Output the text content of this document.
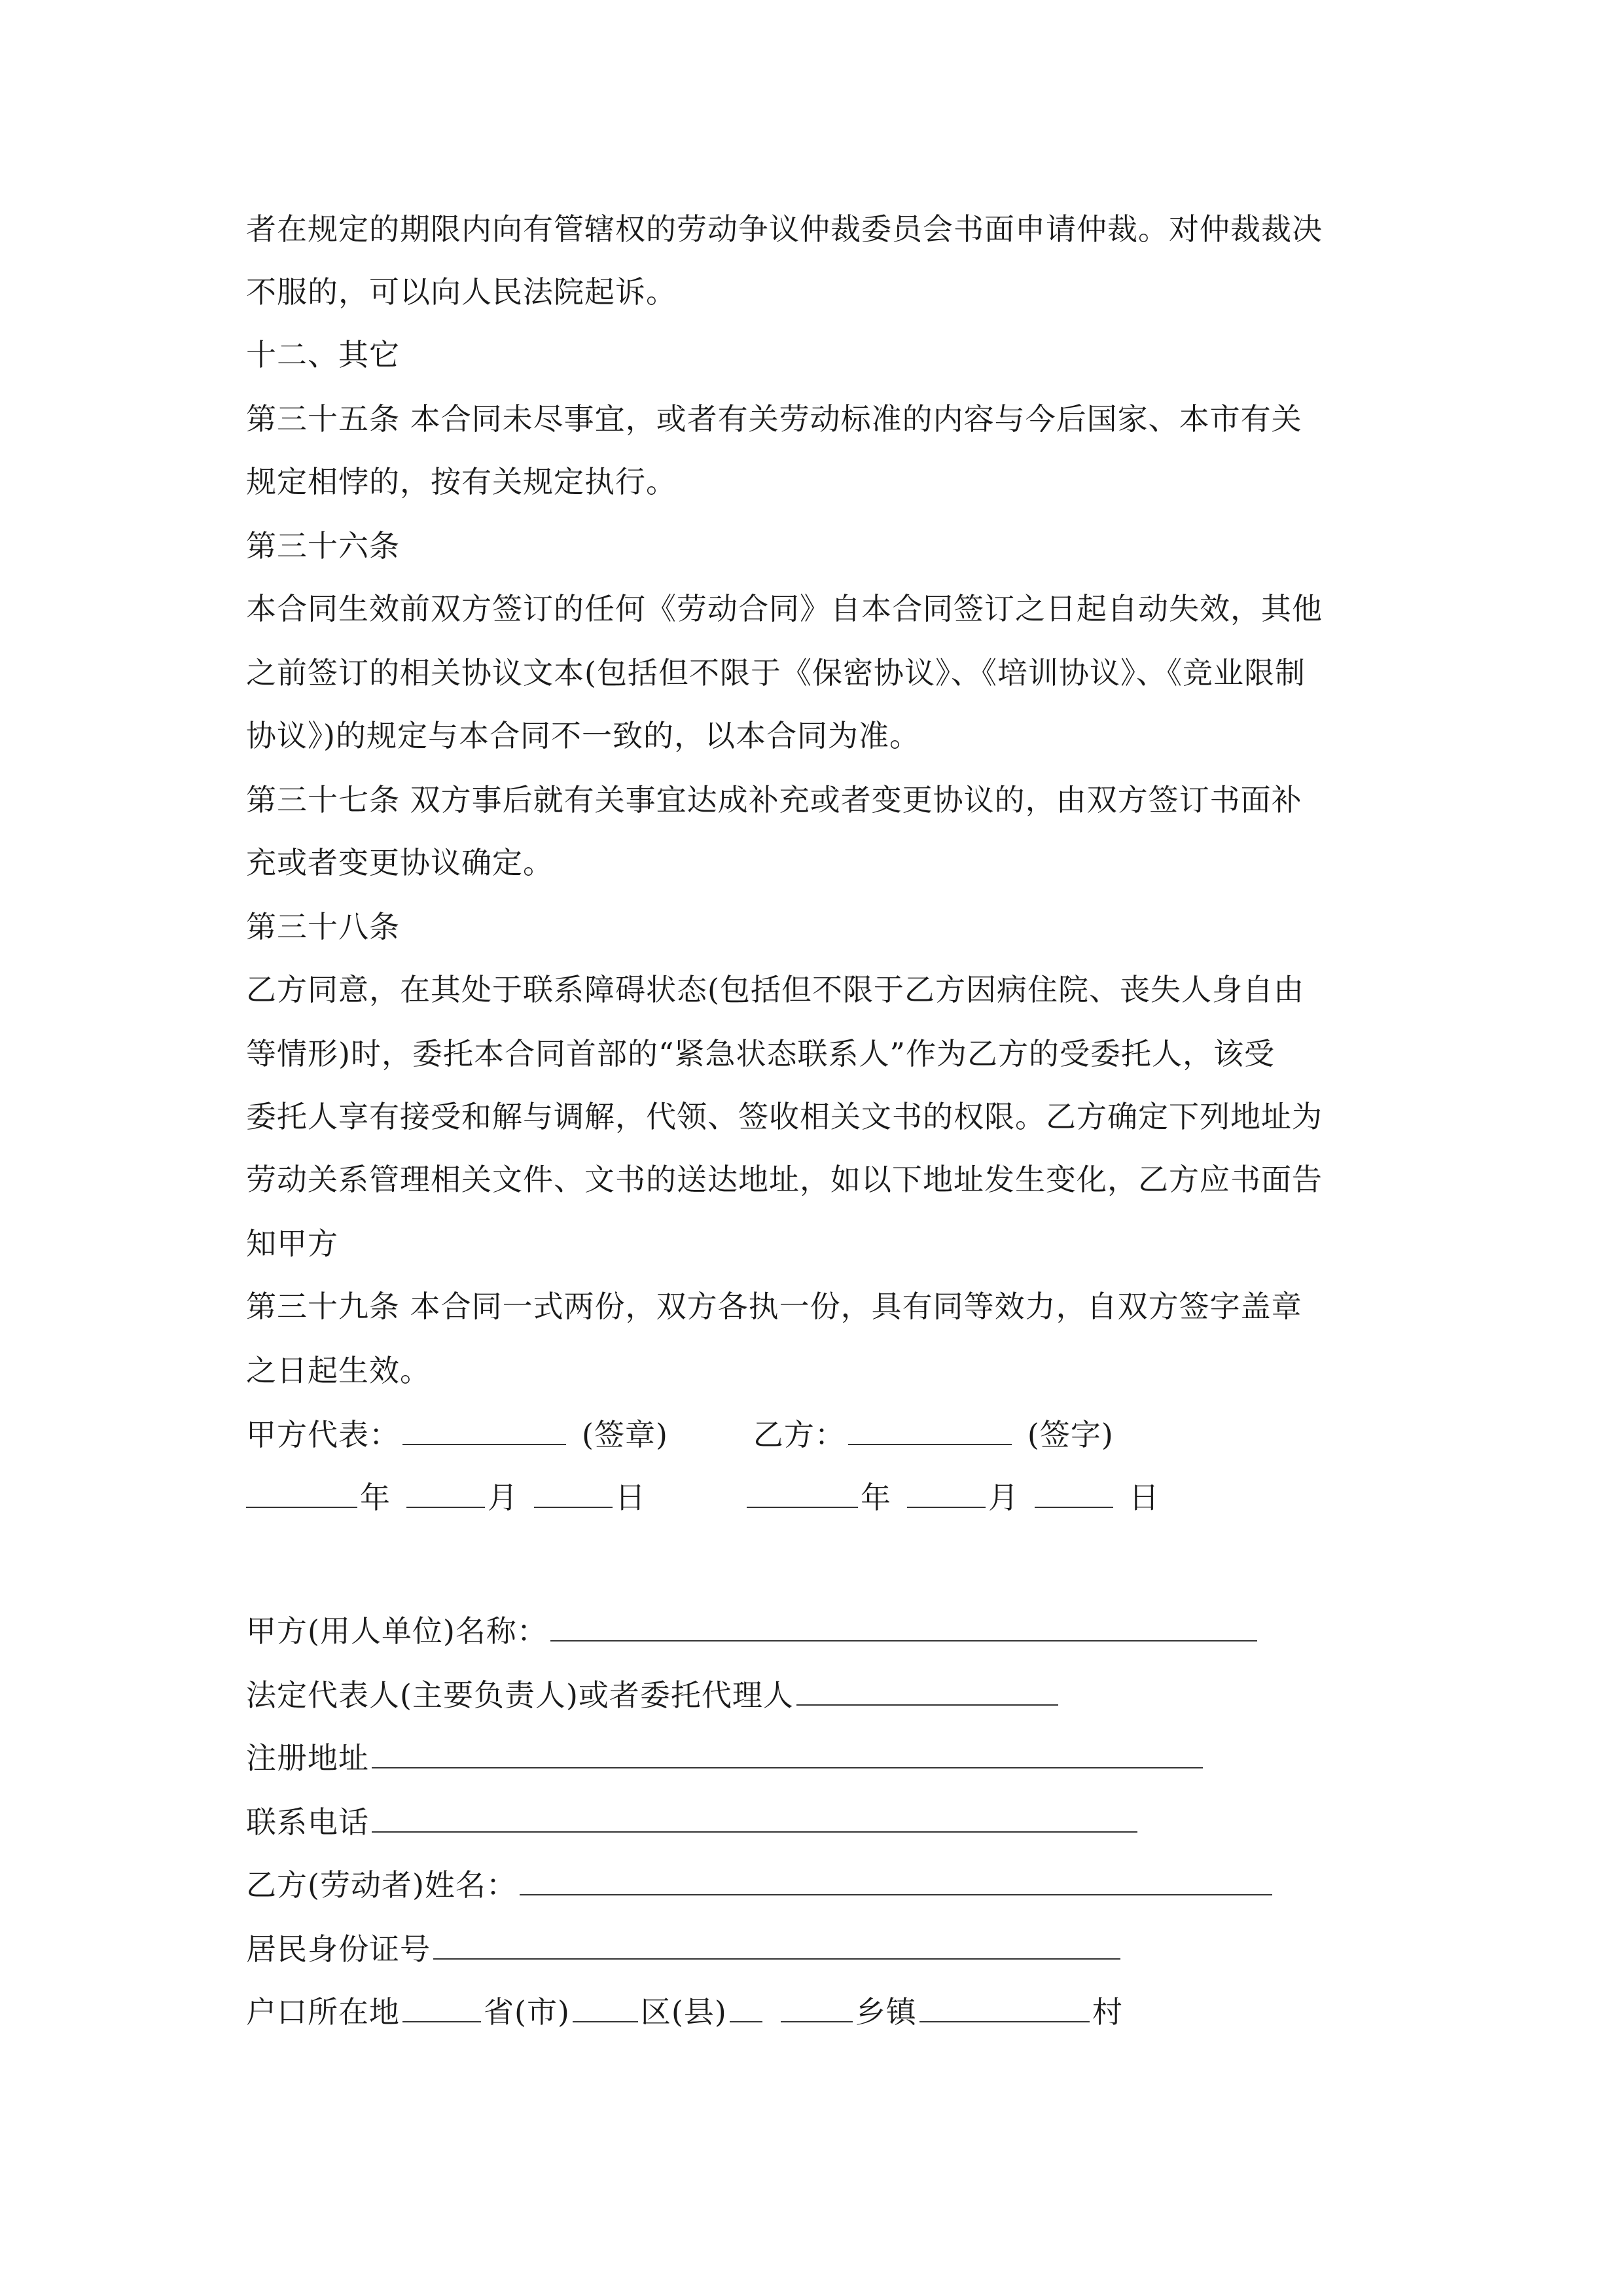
者在规定的期限内向有管辖权的劳动争议仲裁委员会书面申请仲裁。对仲裁裁决
不服的，可以向人民法院起诉。
十二、其它
第三十五条 本合同未尽事宜，或者有关劳动标准的内容与今后国家、本市有关
规定相悖的，按有关规定执行。
第三十六条
本合同生效前双方签订的任何《劳动合同》自本合同签订之日起自动失效，其他
之前签订的相关协议文本(包括但不限于《保密协议》、《培训协议》、《竞业限制
协议》)的规定与本合同不一致的，以本合同为准。
第三十七条 双方事后就有关事宜达成补充或者变更协议的，由双方签订书面补
充或者变更协议确定。
第三十八条
乙方同意，在其处于联系障碍状态(包括但不限于乙方因病住院、丧失人身自由
等情形)时，委托本合同首部的“紧急状态联系人”作为乙方的受委托人，该受
委托人享有接受和解与调解，代领、签收相关文书的权限。乙方确定下列地址为
劳动关系管理相关文件、文书的送达地址，如以下地址发生变化，乙方应书面告
知甲方
第三十九条 本合同一式两份，双方各执一份，具有同等效力，自双方签字盖章
之日起生效。
甲方代表：	(签章)	乙方：	(签字)
年	月	日	年	月	日
甲方(用人单位)名称：
法定代表人(主要负责人)或者委托代理人
注册地址
联系电话
乙方(劳动者)姓名：
居民身份证号
户口所在地	省(市) 区(县)	乡镇	村
